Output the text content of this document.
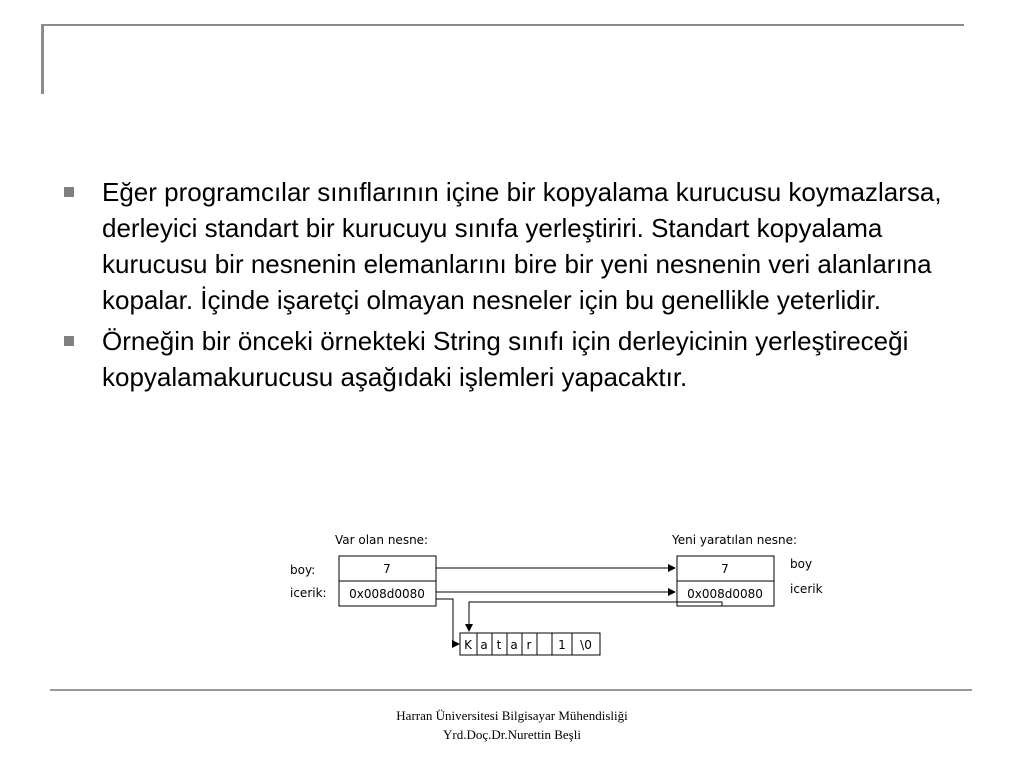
Eğer programcılar sınıflarının içine bir kopyalama kurucusu koymazlarsa, derleyici standart bir kurucuyu sınıfa yerleştiriri. Standart kopyalama kurucusu bir nesnenin elemanlarını bire bir yeni nesnenin veri alanlarına kopalar. İçinde işaretçi olmayan nesneler için bu genellikle yeterlidir.
Örneğin bir önceki örnekteki String sınıfı için derleyicinin yerleştireceği kopyalamakurucusu aşağıdaki işlemleri yapacaktır.
Var olan nesne:	Yeni yaratılan nesne:
boy:
icerik:
7
0x008d0080
7
0x008d0080
boy
icerik
K a t a r 1 \0
Harran Üniversitesi Bilgisayar Mühendisliği
Yrd.Doç.Dr.Nurettin Beşli
